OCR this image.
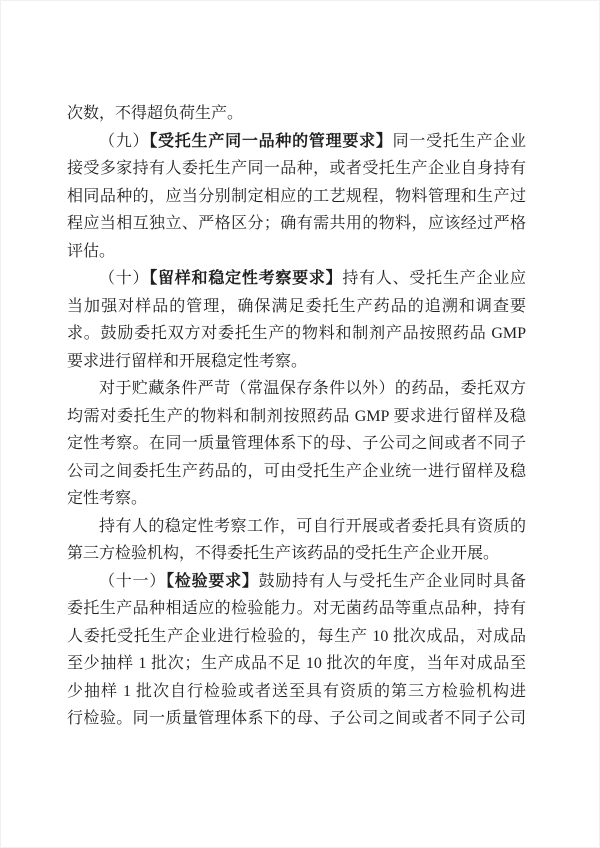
次数，不得超负荷生产。
（九）【受托生产同一品种的管理要求】同一受托生产企业
接受多家持有人委托生产同一品种，或者受托生产企业自身持有
相同品种的，应当分别制定相应的工艺规程，物料管理和生产过
程应当相互独立、严格区分；确有需共用的物料，应该经过严格
评估。
（十）【留样和稳定性考察要求】持有人、受托生产企业应
当加强对样品的管理，确保满足委托生产药品的追溯和调查要
求。鼓励委托双方对委托生产的物料和制剂产品按照药品 GMP
要求进行留样和开展稳定性考察。
对于贮藏条件严苛（常温保存条件以外）的药品，委托双方
均需对委托生产的物料和制剂按照药品 GMP 要求进行留样及稳
定性考察。在同一质量管理体系下的母、子公司之间或者不同子
公司之间委托生产药品的，可由受托生产企业统一进行留样及稳
定性考察。
持有人的稳定性考察工作，可自行开展或者委托具有资质的
第三方检验机构，不得委托生产该药品的受托生产企业开展。
（十一）【检验要求】鼓励持有人与受托生产企业同时具备
委托生产品种相适应的检验能力。对无菌药品等重点品种，持有
人委托受托生产企业进行检验的，每生产 10 批次成品，对成品
至少抽样 1 批次；生产成品不足 10 批次的年度，当年对成品至
少抽样 1 批次自行检验或者送至具有资质的第三方检验机构进
行检验。同一质量管理体系下的母、子公司之间或者不同子公司
